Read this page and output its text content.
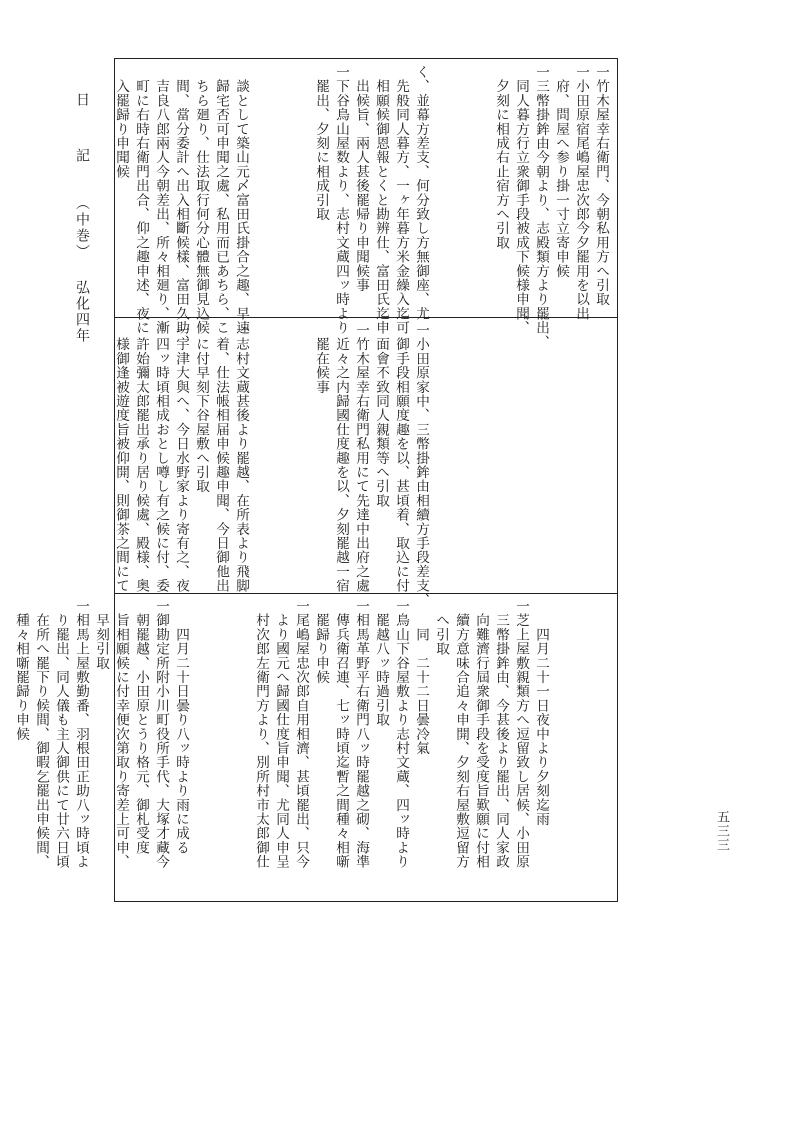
日　記（中巻）弘化四年
五三三
一竹木屋幸右衛門、今朝私用方へ引取
一小田原宿尾嶋屋忠次郎今夕罷用を以出
　府、問屋へ参り掛一寸立寄申候
一三幣掛鉾由今朝より、志殿類方より罷出、
　同人暮方行立衆御手段被成下候様申聞、
　夕刻に相成右止宿方へ引取
く、並幕方差支、何分致し方無御座、尤
　先般同人暮方、一ヶ年暮方米金繰入迄可
　相願候御恩報とくと勘辨仕、富田氏迄申
　出候旨、兩人甚後罷帰り申聞候事
一下谷鳥山屋数より、志村文蔵四ッ時より
　罷出、夕刻に相成引取
　談として築山元〆富田氏掛合之趣、早速
　歸宅否可申聞之處、私用而已あちら、こ
　ちら廻り、仕法取行何分心體無御見込候
　間、當分委計へ出入相斷候樣、富田久助、
　吉良八郎兩人今朝差出、所々相廻り、漸
　町に右時右衛門出合、仰之趣申述、夜に
　入罷歸り申聞候
一小田原家中、三幣掛鉾由相續方手段差支、
　御手段相願度趣を以、甚頃着、取込に付
　面會不致同人親類等へ引取
一竹木屋幸右衛門私用にて先達中出府之處
　近々之内歸國仕度趣を以、夕刻罷越一宿
　罷在候事
一志村文蔵甚後より罷越、在所表より飛脚
　着、仕法帳相届申候趣申聞、今日御他出
　に付早刻下谷屋敷へ引取
一宇津大與へ、今日水野家より寄有之、夜
　四ッ時頃相成おとし噂し有之候に付、委
　許始彌太郎罷出承り居り候處、殿様、奥
　様御逢被遊度旨被仰開、則御茶之間にて
　　四月二十一日夜中より夕刻迄雨
一芝上屋敷親類方へ逗留致し居候、小田原
　三幣掛鉾由、今甚後より罷出、同人家政
　向難濟行屆衆御手段を受度旨歎願に付相
　續方意味合追々申開、夕刻右屋敷逗留方
　へ引取
　　同　二十二日曇冷氣
一鳥山下谷屋敷より志村文蔵、四ッ時より
　罷越八ッ時過引取
一相馬革野平右衛門八ッ時罷越之砌、海凖
　傳兵衛召連、七ッ時頃迄暫之間種々相噺
　罷歸り申候
一尾嶋屋忠次郎自用相濟、甚頃罷出、只今
　より國元へ歸國仕度旨申聞、尤同人申呈
　村次郎左衛門方より、別所村市太郎御仕
　　四月二十日曇り八ッ時より雨に成る
一御勘定所附小川町役所手代、大塚才藏今
　朝罷越、小田原とうり格元、御札受度
　旨相願候に付幸便次第取り寄差上可申、
　早刻引取
一相馬上屋敷勤番、羽根田正助八ッ時頃よ
　り罷出、同人儀も主人御供にて廿六日頃
　在所へ罷下り候間、御暇乞罷出申候間、
　種々相噺罷歸り申候
